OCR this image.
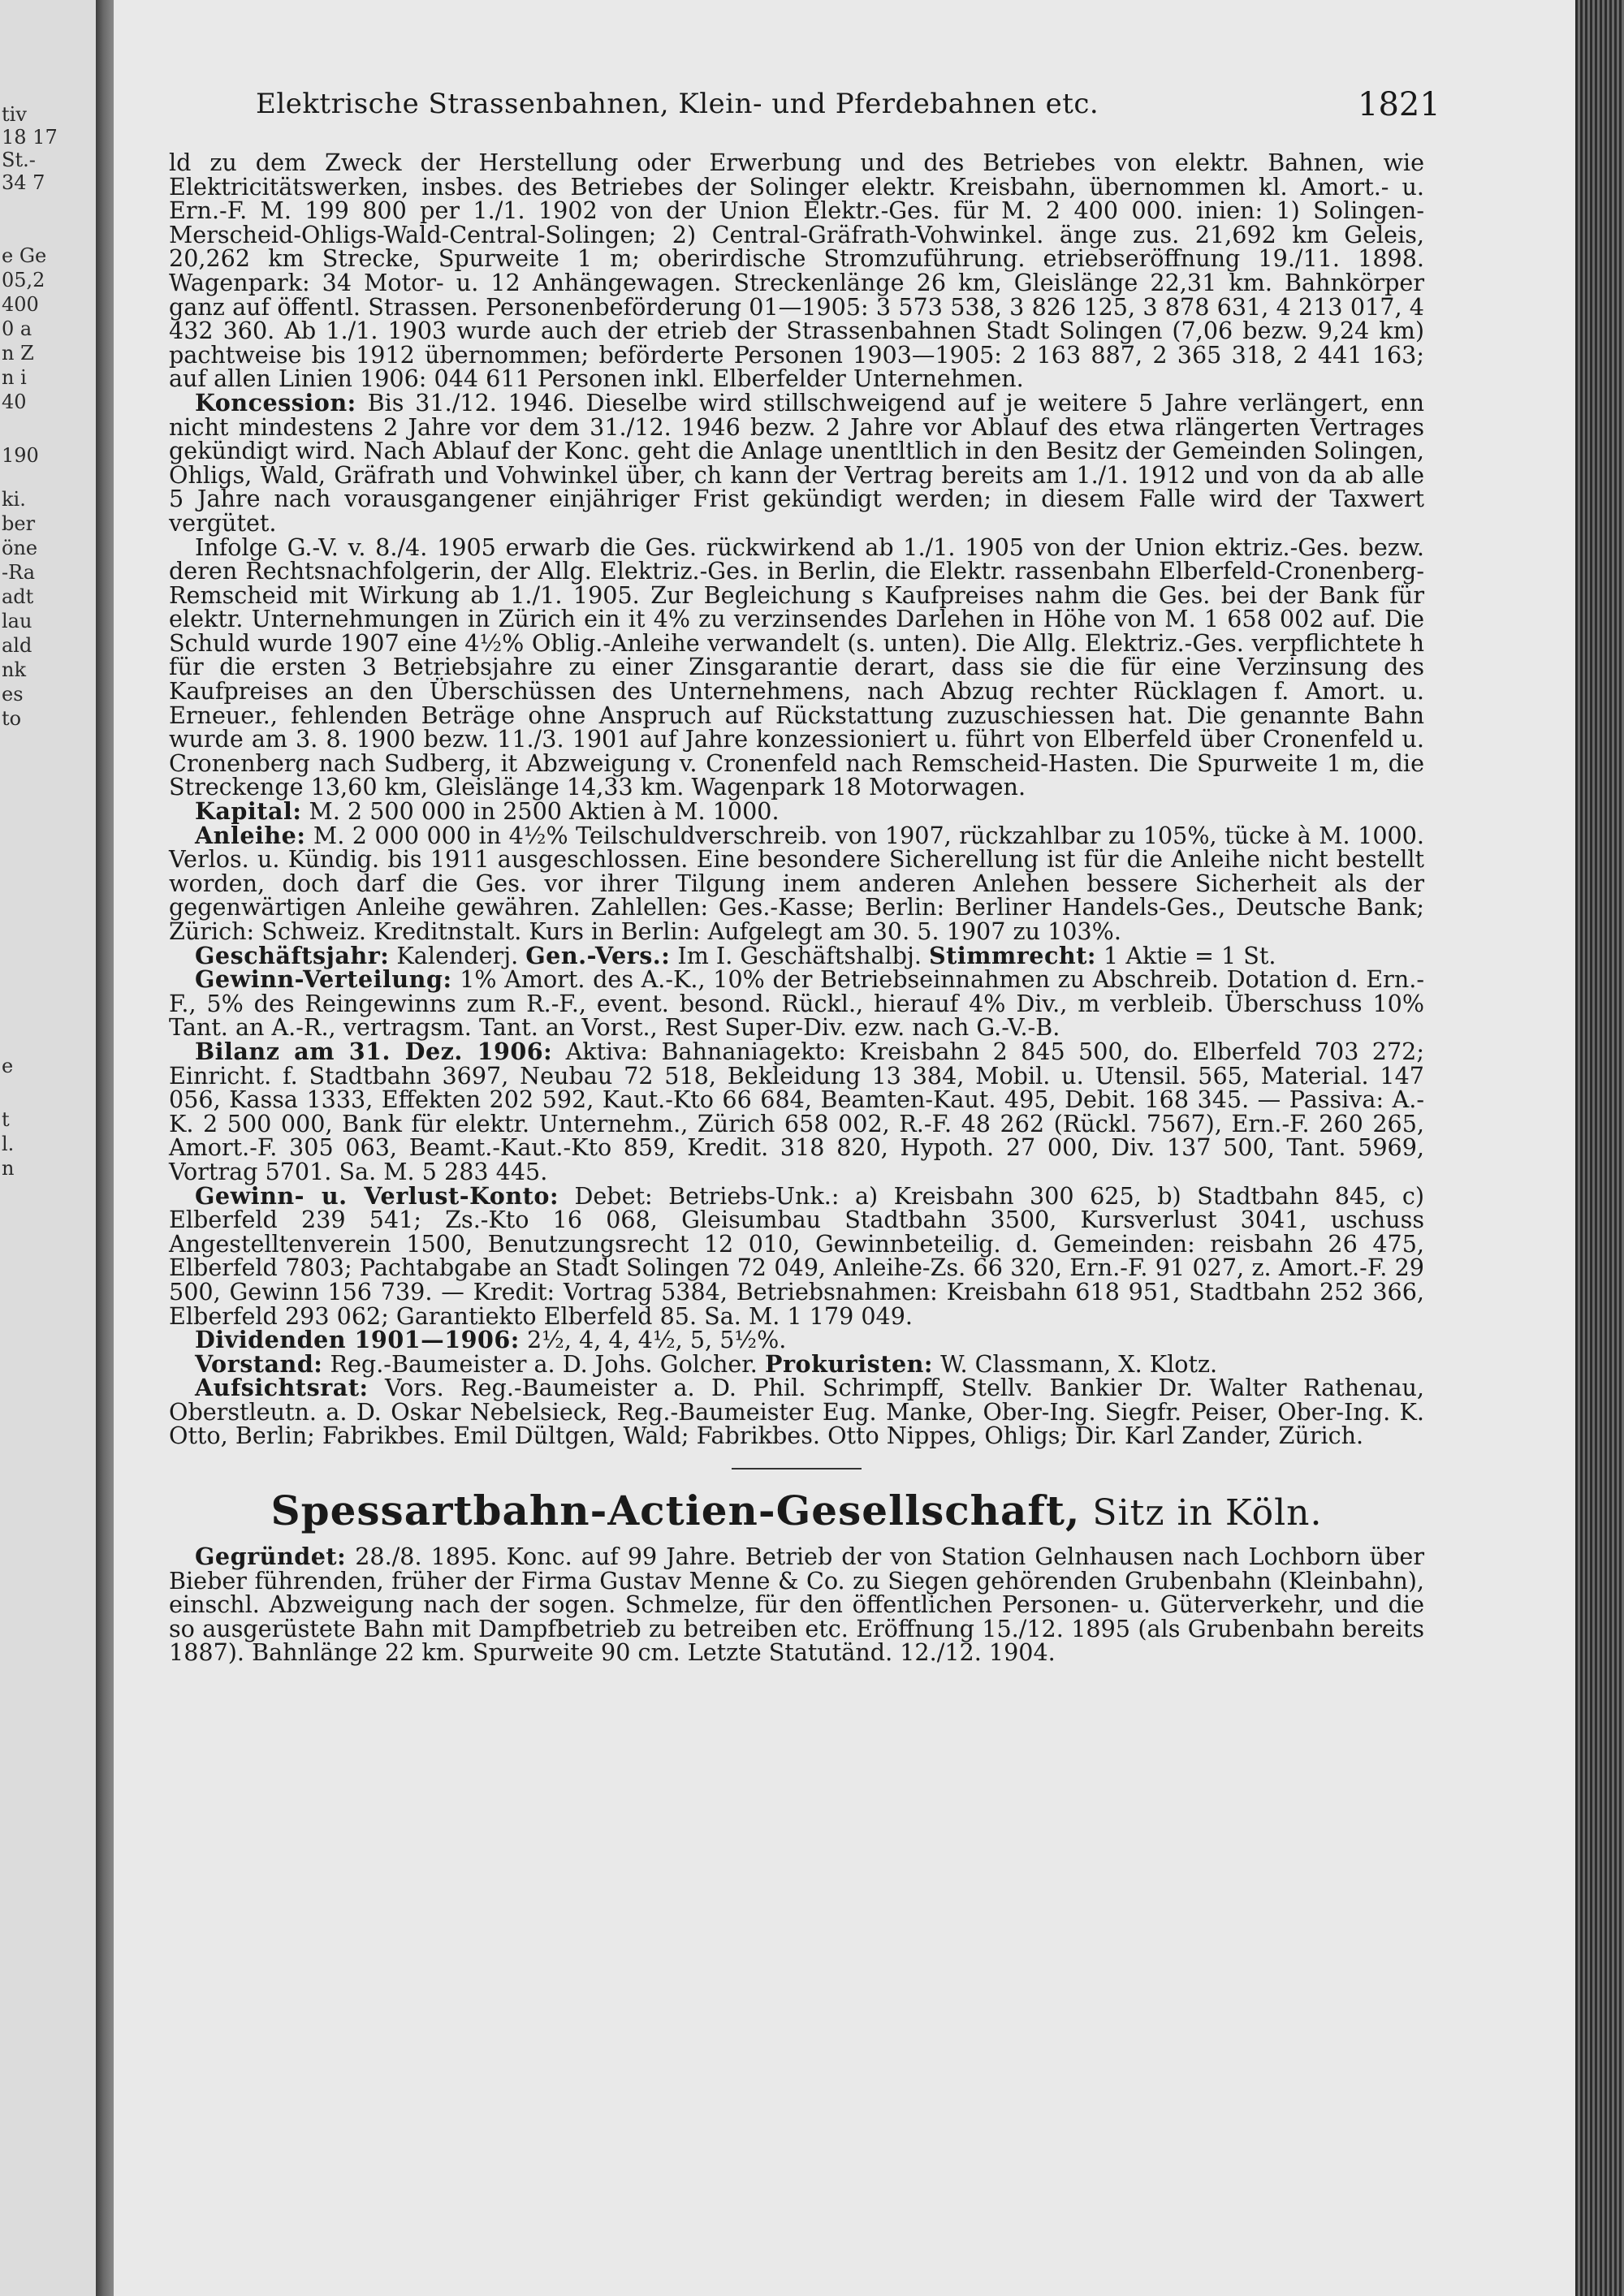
tiv
18 17
St.-
34 7
e Ge
05,2
400
0 a
n Z
n i
40
190
ki.
ber
öne
-Ra
adt
lau
ald
nk
es
to
e
t
l.
n
Elektrische Strassenbahnen, Klein- und Pferdebahnen etc.	1821

ld zu dem Zweck der Herstellung oder Erwerbung und des Betriebes von elektr. Bahnen, wie Elektricitätswerken, insbes. des Betriebes der Solinger elektr. Kreisbahn, übernommen kl. Amort.- u. Ern.-F. M. 199 800 per 1./1. 1902 von der Union Elektr.-Ges. für M. 2 400 000. inien: 1) Solingen-Merscheid-Ohligs-Wald-Central-Solingen; 2) Central-Gräfrath-Vohwinkel. änge zus. 21,692 km Geleis, 20,262 km Strecke, Spurweite 1 m; oberirdische Stromzuführung. etriebseröffnung 19./11. 1898. Wagenpark: 34 Motor- u. 12 Anhängewagen. Streckenlänge 26 km, Gleislänge 22,31 km. Bahnkörper ganz auf öffentl. Strassen. Personenbeförderung 01—1905: 3 573 538, 3 826 125, 3 878 631, 4 213 017, 4 432 360. Ab 1./1. 1903 wurde auch der etrieb der Strassenbahnen Stadt Solingen (7,06 bezw. 9,24 km) pachtweise bis 1912 übernommen; beförderte Personen 1903—1905: 2 163 887, 2 365 318, 2 441 163; auf allen Linien 1906: 044 611 Personen inkl. Elberfelder Unternehmen.

Koncession: Bis 31./12. 1946. Dieselbe wird stillschweigend auf je weitere 5 Jahre verlängert, enn nicht mindestens 2 Jahre vor dem 31./12. 1946 bezw. 2 Jahre vor Ablauf des etwa rlängerten Vertrages gekündigt wird. Nach Ablauf der Konc. geht die Anlage unentltlich in den Besitz der Gemeinden Solingen, Ohligs, Wald, Gräfrath und Vohwinkel über, ch kann der Vertrag bereits am 1./1. 1912 und von da ab alle 5 Jahre nach vorausgangener einjähriger Frist gekündigt werden; in diesem Falle wird der Taxwert vergütet.

Infolge G.-V. v. 8./4. 1905 erwarb die Ges. rückwirkend ab 1./1. 1905 von der Union ektriz.-Ges. bezw. deren Rechtsnachfolgerin, der Allg. Elektriz.-Ges. in Berlin, die Elektr. rassenbahn Elberfeld-Cronenberg-Remscheid mit Wirkung ab 1./1. 1905. Zur Begleichung s Kaufpreises nahm die Ges. bei der Bank für elektr. Unternehmungen in Zürich ein it 4% zu verzinsendes Darlehen in Höhe von M. 1 658 002 auf. Die Schuld wurde 1907 eine 4½% Oblig.-Anleihe verwandelt (s. unten). Die Allg. Elektriz.-Ges. verpflichtete h für die ersten 3 Betriebsjahre zu einer Zinsgarantie derart, dass sie die für eine Verzinsung des Kaufpreises an den Überschüssen des Unternehmens, nach Abzug rechter Rücklagen f. Amort. u. Erneuer., fehlenden Beträge ohne Anspruch auf Rückstattung zuzuschiessen hat. Die genannte Bahn wurde am 3. 8. 1900 bezw. 11./3. 1901 auf Jahre konzessioniert u. führt von Elberfeld über Cronenfeld u. Cronenberg nach Sudberg, it Abzweigung v. Cronenfeld nach Remscheid-Hasten. Die Spurweite 1 m, die Streckenge 13,60 km, Gleislänge 14,33 km. Wagenpark 18 Motorwagen.

Kapital: M. 2 500 000 in 2500 Aktien à M. 1000.

Anleihe: M. 2 000 000 in 4½% Teilschuldverschreib. von 1907, rückzahlbar zu 105%, tücke à M. 1000. Verlos. u. Kündig. bis 1911 ausgeschlossen. Eine besondere Sicherellung ist für die Anleihe nicht bestellt worden, doch darf die Ges. vor ihrer Tilgung inem anderen Anlehen bessere Sicherheit als der gegenwärtigen Anleihe gewähren. Zahlellen: Ges.-Kasse; Berlin: Berliner Handels-Ges., Deutsche Bank; Zürich: Schweiz. Kreditnstalt. Kurs in Berlin: Aufgelegt am 30. 5. 1907 zu 103%.

Geschäftsjahr: Kalenderj. Gen.-Vers.: Im I. Geschäftshalbj. Stimmrecht: 1 Aktie = 1 St.

Gewinn-Verteilung: 1% Amort. des A.-K., 10% der Betriebseinnahmen zu Abschreib. Dotation d. Ern.-F., 5% des Reingewinns zum R.-F., event. besond. Rückl., hierauf 4% Div., m verbleib. Überschuss 10% Tant. an A.-R., vertragsm. Tant. an Vorst., Rest Super-Div. ezw. nach G.-V.-B.

Bilanz am 31. Dez. 1906: Aktiva: Bahnaniagekto: Kreisbahn 2 845 500, do. Elberfeld 703 272; Einricht. f. Stadtbahn 3697, Neubau 72 518, Bekleidung 13 384, Mobil. u. Utensil. 565, Material. 147 056, Kassa 1333, Effekten 202 592, Kaut.-Kto 66 684, Beamten-Kaut. 495, Debit. 168 345. — Passiva: A.-K. 2 500 000, Bank für elektr. Unternehm., Zürich 658 002, R.-F. 48 262 (Rückl. 7567), Ern.-F. 260 265, Amort.-F. 305 063, Beamt.-Kaut.-Kto 859, Kredit. 318 820, Hypoth. 27 000, Div. 137 500, Tant. 5969, Vortrag 5701. Sa. M. 5 283 445.

Gewinn- u. Verlust-Konto: Debet: Betriebs-Unk.: a) Kreisbahn 300 625, b) Stadtbahn 845, c) Elberfeld 239 541; Zs.-Kto 16 068, Gleisumbau Stadtbahn 3500, Kursverlust 3041, uschuss Angestelltenverein 1500, Benutzungsrecht 12 010, Gewinnbeteilig. d. Gemeinden: reisbahn 26 475, Elberfeld 7803; Pachtabgabe an Stadt Solingen 72 049, Anleihe-Zs. 66 320, Ern.-F. 91 027, z. Amort.-F. 29 500, Gewinn 156 739. — Kredit: Vortrag 5384, Betriebsnahmen: Kreisbahn 618 951, Stadtbahn 252 366, Elberfeld 293 062; Garantiekto Elberfeld 85. Sa. M. 1 179 049.

Dividenden 1901—1906: 2½, 4, 4, 4½, 5, 5½%.

Vorstand: Reg.-Baumeister a. D. Johs. Golcher. Prokuristen: W. Classmann, X. Klotz.

Aufsichtsrat: Vors. Reg.-Baumeister a. D. Phil. Schrimpff, Stellv. Bankier Dr. Walter Rathenau, Oberstleutn. a. D. Oskar Nebelsieck, Reg.-Baumeister Eug. Manke, Ober-Ing. Siegfr. Peiser, Ober-Ing. K. Otto, Berlin; Fabrikbes. Emil Dültgen, Wald; Fabrikbes. Otto Nippes, Ohligs; Dir. Karl Zander, Zürich.

Spessartbahn-Actien-Gesellschaft, Sitz in Köln.

Gegründet: 28./8. 1895. Konc. auf 99 Jahre. Betrieb der von Station Gelnhausen nach Lochborn über Bieber führenden, früher der Firma Gustav Menne & Co. zu Siegen gehörenden Grubenbahn (Kleinbahn), einschl. Abzweigung nach der sogen. Schmelze, für den öffentlichen Personen- u. Güterverkehr, und die so ausgerüstete Bahn mit Dampfbetrieb zu betreiben etc. Eröffnung 15./12. 1895 (als Grubenbahn bereits 1887). Bahnlänge 22 km. Spurweite 90 cm. Letzte Statutänd. 12./12. 1904.
